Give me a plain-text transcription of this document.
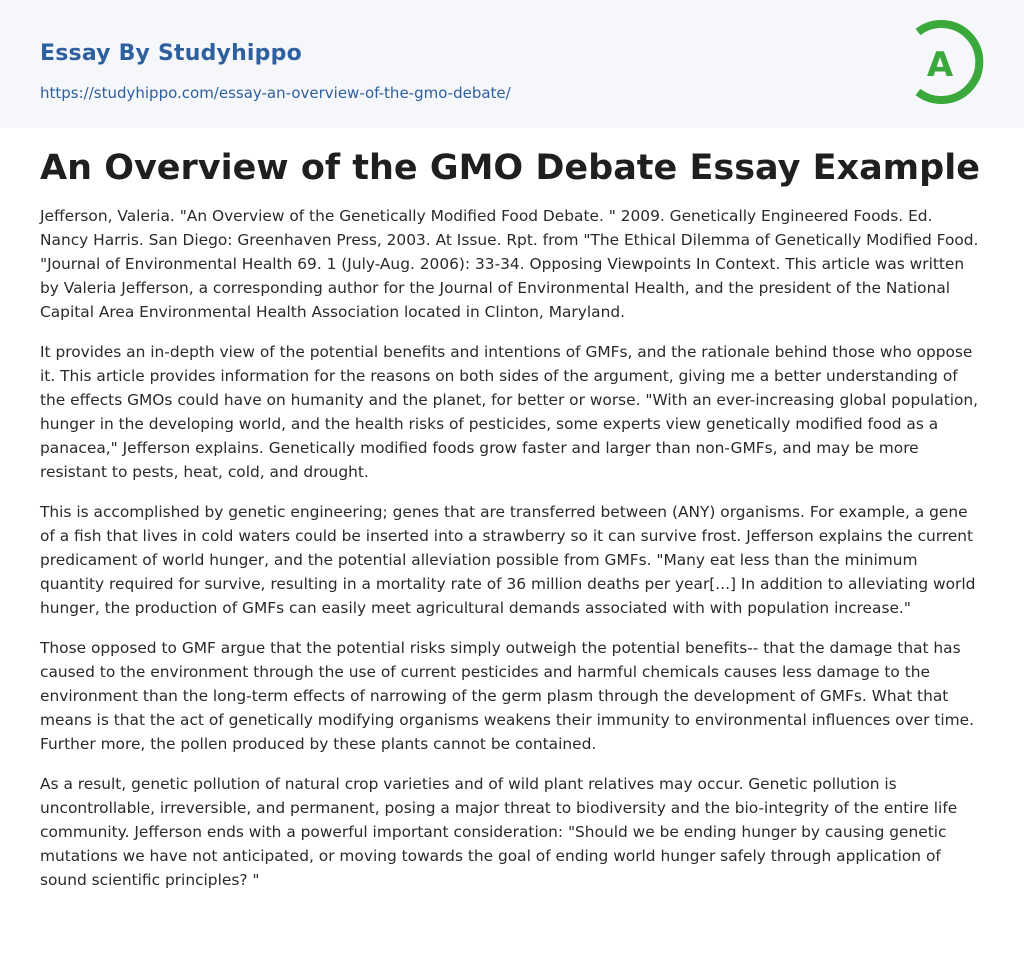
Essay By Studyhippo
https://studyhippo.com/essay-an-overview-of-the-gmo-debate/
A
An Overview of the GMO Debate Essay Example

Jefferson, Valeria. "An Overview of the Genetically Modified Food Debate. " 2009. Genetically Engineered Foods. Ed. Nancy Harris. San Diego: Greenhaven Press, 2003. At Issue. Rpt. from "The Ethical Dilemma of Genetically Modified Food. "Journal of Environmental Health 69. 1 (July-Aug. 2006): 33-34. Opposing Viewpoints In Context. This article was written by Valeria Jefferson, a corresponding author for the Journal of Environmental Health, and the president of the National Capital Area Environmental Health Association located in Clinton, Maryland.

It provides an in-depth view of the potential benefits and intentions of GMFs, and the rationale behind those who oppose it. This article provides information for the reasons on both sides of the argument, giving me a better understanding of the effects GMOs could have on humanity and the planet, for better or worse. "With an ever-increasing global population, hunger in the developing world, and the health risks of pesticides, some experts view genetically modified food as a panacea," Jefferson explains. Genetically modified foods grow faster and larger than non-GMFs, and may be more resistant to pests, heat, cold, and drought.

This is accomplished by genetic engineering; genes that are transferred between (ANY) organisms. For example, a gene of a fish that lives in cold waters could be inserted into a strawberry so it can survive frost. Jefferson explains the current predicament of world hunger, and the potential alleviation possible from GMFs. "Many eat less than the minimum quantity required for survive, resulting in a mortality rate of 36 million deaths per year[...] In addition to alleviating world hunger, the production of GMFs can easily meet agricultural demands associated with with population increase."

Those opposed to GMF argue that the potential risks simply outweigh the potential benefits-- that the damage that has caused to the environment through the use of current pesticides and harmful chemicals causes less damage to the environment than the long-term effects of narrowing of the germ plasm through the development of GMFs. What that means is that the act of genetically modifying organisms weakens their immunity to environmental influences over time. Further more, the pollen produced by these plants cannot be contained.

As a result, genetic pollution of natural crop varieties and of wild plant relatives may occur. Genetic pollution is uncontrollable, irreversible, and permanent, posing a major threat to biodiversity and the bio-integrity of the entire life community. Jefferson ends with a powerful important consideration: "Should we be ending hunger by causing genetic mutations we have not anticipated, or moving towards the goal of ending world hunger safely through application of sound scientific principles? "
